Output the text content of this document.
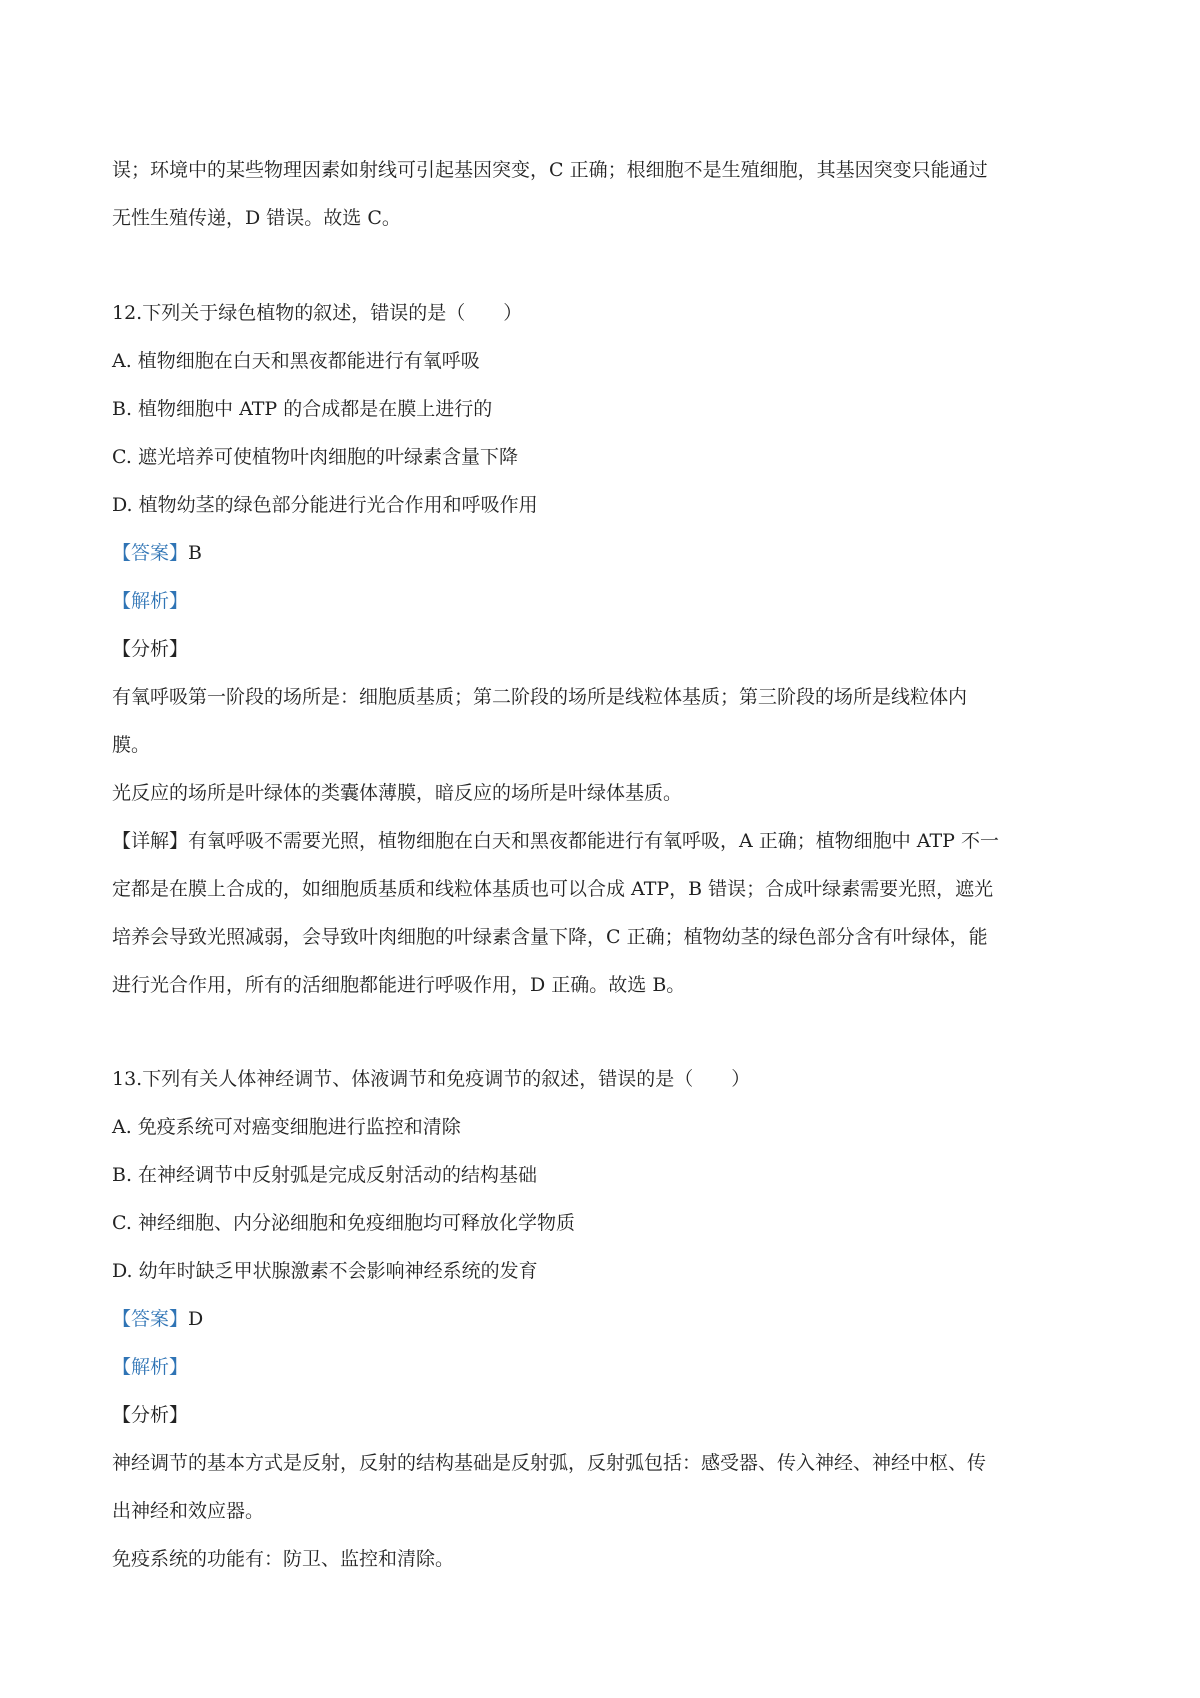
误；环境中的某些物理因素如射线可引起基因突变，C 正确；根细胞不是生殖细胞，其基因突变只能通过
无性生殖传递，D 错误。故选 C。
12.下列关于绿色植物的叙述，错误的是（　　）
A. 植物细胞在白天和黑夜都能进行有氧呼吸
B. 植物细胞中 ATP 的合成都是在膜上进行的
C. 遮光培养可使植物叶肉细胞的叶绿素含量下降
D. 植物幼茎的绿色部分能进行光合作用和呼吸作用
【答案】B
【解析】
【分析】
有氧呼吸第一阶段的场所是：细胞质基质；第二阶段的场所是线粒体基质；第三阶段的场所是线粒体内
膜。
光反应的场所是叶绿体的类囊体薄膜，暗反应的场所是叶绿体基质。
【详解】有氧呼吸不需要光照，植物细胞在白天和黑夜都能进行有氧呼吸，A 正确；植物细胞中 ATP 不一
定都是在膜上合成的，如细胞质基质和线粒体基质也可以合成 ATP，B 错误；合成叶绿素需要光照，遮光
培养会导致光照减弱，会导致叶肉细胞的叶绿素含量下降，C 正确；植物幼茎的绿色部分含有叶绿体，能
进行光合作用，所有的活细胞都能进行呼吸作用，D 正确。故选 B。
13.下列有关人体神经调节、体液调节和免疫调节的叙述，错误的是（　　）
A. 免疫系统可对癌变细胞进行监控和清除
B. 在神经调节中反射弧是完成反射活动的结构基础
C. 神经细胞、内分泌细胞和免疫细胞均可释放化学物质
D. 幼年时缺乏甲状腺激素不会影响神经系统的发育
【答案】D
【解析】
【分析】
神经调节的基本方式是反射，反射的结构基础是反射弧，反射弧包括：感受器、传入神经、神经中枢、传
出神经和效应器。
免疫系统的功能有：防卫、监控和清除。
